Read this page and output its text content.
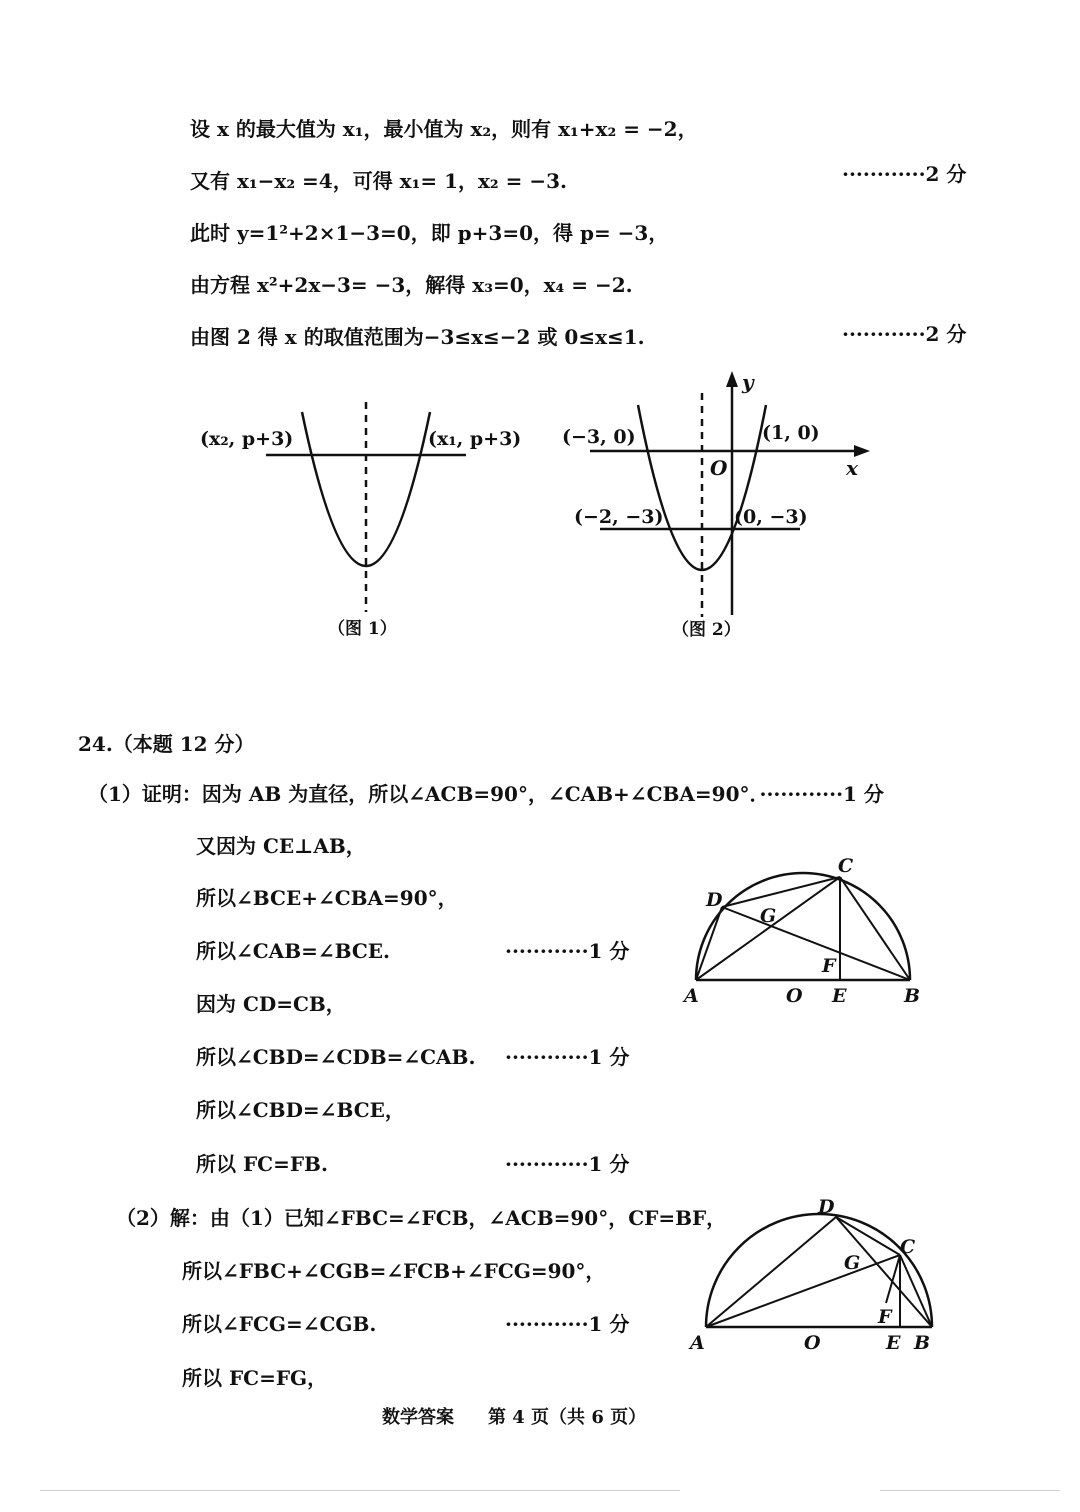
设 x 的最大值为 x₁，最小值为 x₂，则有 x₁+x₂ = −2，
又有 x₁−x₂ =4，可得 x₁= 1，x₂ = −3.	············2 分
此时 y=1²+2×1−3=0，即 p+3=0，得 p= −3，
由方程 x²+2x−3= −3，解得 x₃=0，x₄ = −2.
由图 2 得 x 的取值范围为−3≤x≤−2 或 0≤x≤1.	············2 分
(x₂, p+3)	(x₁, p+3)
（图 1）
y
x
O
(−3, 0)	(1, 0)
(−2, −3)	(0, −3)
（图 2）
24.（本题 12 分）
（1）证明：因为 AB 为直径，所以∠ACB=90°，∠CAB+∠CBA=90°．············1 分
又因为 CE⊥AB，
所以∠BCE+∠CBA=90°，
所以∠CAB=∠BCE.	············1 分
因为 CD=CB，
所以∠CBD=∠CDB=∠CAB. ············1 分
所以∠CBD=∠BCE，
所以 FC=FB.	············1 分
A	O E	B
C
D
G
F
（2）解：由（1）已知∠FBC=∠FCB，∠ACB=90°，CF=BF，
所以∠FBC+∠CGB=∠FCB+∠FCG=90°，
所以∠FCG=∠CGB.	············1 分
所以 FC=FG，
A	O	E B
C
D
G
F
数学答案 第 4 页（共 6 页）
